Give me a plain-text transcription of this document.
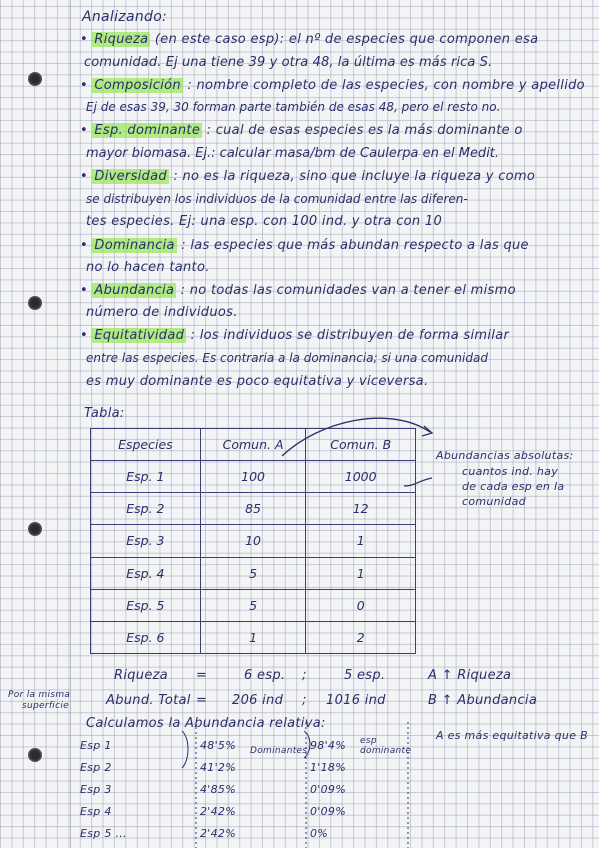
Analizando:
• Riqueza (en este caso esp): el nº de especies que componen esa
comunidad. Ej una tiene 39 y otra 48, la última es más rica S.
• Composición : nombre completo de las especies, con nombre y apellido
Ej de esas 39, 30 forman parte también de esas 48, pero el resto no.
• Esp. dominante : cual de esas especies es la más dominante o
mayor biomasa. Ej.: calcular masa/bm de Caulerpa en el Medit.
• Diversidad : no es la riqueza, sino que incluye la riqueza y como
se distribuyen los individuos de la comunidad entre las diferen-
tes especies. Ej: una esp. con 100 ind. y otra con 10
• Dominancia : las especies que más abundan respecto a las que
no lo hacen tanto.
• Abundancia : no todas las comunidades van a tener el mismo
número de individuos.
• Equitatividad : los individuos se distribuyen de forma similar
entre las especies. Es contraria a la dominancia; si una comunidad
es muy dominante es poco equitativa y viceversa.
Tabla:
Especies	Comun. A	Comun. B
Esp. 1	100	1000
Esp. 2	85	12
Esp. 3	10	1
Esp. 4	5	1
Esp. 5	5	0
Esp. 6	1	2
Abundancias absolutas:
cuantos ind. hay
de cada esp en la
comunidad
Riqueza =	6 esp. ;	5 esp.	A ↑ Riqueza
Por la misma
superficie	Abund. Total = 206 ind ; 1016 ind	B ↑ Abundancia
Calculamos la Abundancia relativa:
Esp 1	48'5%	98'4%
Esp 2	41'2%	1'18%
Esp 3	4'85%	0'09%
Esp 4	2'42%	0'09%
Esp 5 ...	2'42%	0%
Dominantes
esp
dominante
A es más equitativa que B
